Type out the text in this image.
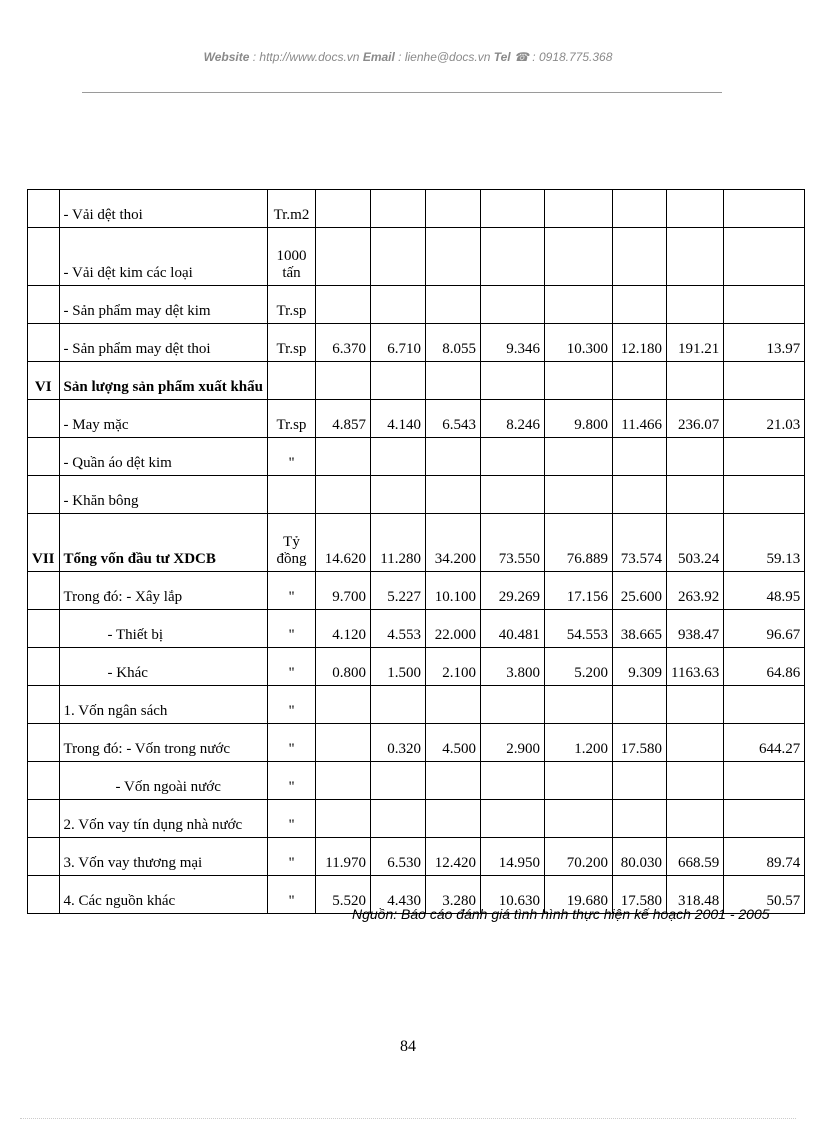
Website : http://www.docs.vn Email : lienhe@docs.vn Tel ☎ : 0918.775.368
	- Vải dệt thoi	Tr.m2								
	- Vải dệt kim các loại	1000 tấn								
	- Sản phẩm may dệt kim	Tr.sp								
	- Sản phẩm may dệt thoi	Tr.sp	6.370	6.710	8.055	9.346	10.300	12.180	191.21	13.97
VI	Sản lượng sản phẩm xuất khẩu									
	- May mặc	Tr.sp	4.857	4.140	6.543	8.246	9.800	11.466	236.07	21.03
	- Quần áo dệt kim	"								
	- Khăn bông									
VII	Tổng vốn đầu tư XDCB	Tỷ đồng	14.620	11.280	34.200	73.550	76.889	73.574	503.24	59.13
	Trong đó: - Xây lắp	"	9.700	5.227	10.100	29.269	17.156	25.600	263.92	48.95
	- Thiết bị	"	4.120	4.553	22.000	40.481	54.553	38.665	938.47	96.67
	- Khác	"	0.800	1.500	2.100	3.800	5.200	9.309	1163.63	64.86
	1. Vốn ngân sách	"								
	Trong đó: - Vốn trong nước	"		0.320	4.500	2.900	1.200	17.580		644.27
	- Vốn ngoài nước	"								
	2. Vốn vay tín dụng nhà nước	"								
	3. Vốn vay thương mại	"	11.970	6.530	12.420	14.950	70.200	80.030	668.59	89.74
	4. Các nguồn khác	"	5.520	4.430	3.280	10.630	19.680	17.580	318.48	50.57
Nguồn: Báo cáo đánh giá tình hình thực hiện kế hoạch 2001 - 2005
84
